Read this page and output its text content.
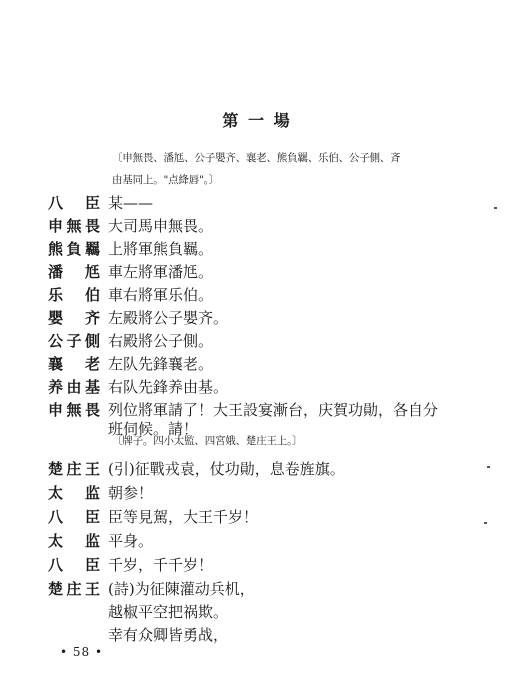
第 一 場
〔申無畏、潘尪、公子嬰齐、襄老、熊負羈、乐伯、公子側、斉
由基同上。"点絳唇"。〕
八　臣 某——
申無畏 大司馬申無畏。
熊負羈 上將軍熊負羈。
潘　尪 車左將軍潘尪。
乐　伯 車右將軍乐伯。
嬰　齐 左殿將公子嬰齐。
公子側 右殿將公子側。
襄　老 左队先鋒襄老。
养由基 右队先鋒养由基。
申無畏 列位將軍請了！大王設宴漸台，庆賀功勛，各自分
班伺候。請！
〔牌子。四小太監、四宮娥、楚庄王上。〕
楚庄王 (引)征戰戎袁，仗功勛，息卷旌旗。
太　监 朝参！
八　臣 臣等見駕，大王千岁！
太　监 平身。
八　臣 千岁，千千岁！
楚庄王 (詩)为征陳灌动兵机，
越椒平空把祸欺。
幸有众卿皆勇战，
• 58 •
